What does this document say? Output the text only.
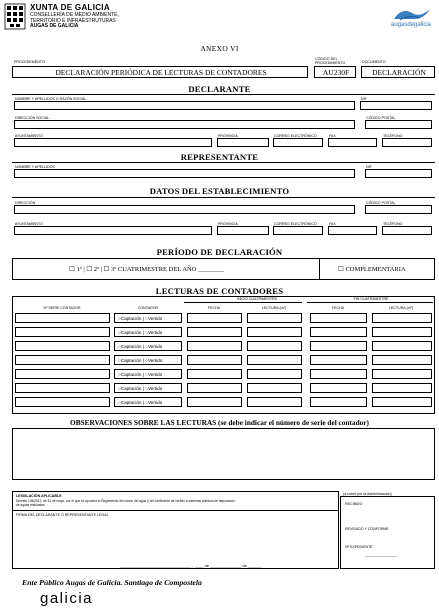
XUNTA DE GALICIA
CONSELLERÍA DE MEDIO AMBIENTE,
TERRITORIO E INFRAESTRUTURAS
AUGAS DE GALICIA	augasdegalicia
ANEXO VI
PROCEDEMENTO
DECLARACIÓN PERIÓDICA DE LECTURAS DE CONTADORES
CÓDIGO DEL
PROCEDIMIENTO
AU230F
DOCUMENTO
DECLARACIÓN
DECLARANTE
NOMBRE Y APELLIDOS O RAZÓN SOCIAL	NIF
DIRECCIÓN SOCIAL	CÓDIGO POSTAL
AYUNTAMIENTO	PROVINCIA	CORREO ELECTRÓNICO	FAX	TELÉFONO
REPRESENTANTE
NOMBRE Y APELLIDOS	NIF
DATOS DEL ESTABLECIMIENTO
DIRECCIÓN	CÓDIGO POSTAL
AYUNTAMIENTO	PROVINCIA	CORREO ELECTRÓNICO	FAX	TELÉFONO
PERÍODO DE DECLARACIÓN
☐ 1º | ☐ 2º | ☐ 3º CUATRIMESTRE DEL AÑO ________	☐ COMPLEMENTARIA
LECTURAS DE CONTADORES
INICIO CUATRIMESTRE	FIN CUATRIMESTRE
Nº SERIE CONTADOR	CONTADOR	FECHA	LECTURA (m³)	FECHA	LECTURA (m³)
○Captación | ○Vertido
○Captación | ○Vertido
○Captación | ○Vertido
○Captación | ○Vertido
○Captación | ○Vertido
○Captación | ○Vertido
○Captación | ○Vertido
OBSERVACIONES SOBRE LAS LECTURAS (se debe indicar el número de serie del contador)
LEXISLACIÓN APLICABLE
Decreto 136/2012, de 31 de mayo, por el que se aprueba el Reglamento del canon del agua y del coeficiente de vertido a sistemas públicos de depuración
de aguas residuales.
FIRMA DEL DECLARANTE O REPRESENTANTE LEGAL
________________________________ , ____ de ______________ de ______
(a cubrir por la Administración)
RECIBIDO
REVISADO Y CONFORME
Nº EXPEDIENTE
________________
Ente Público Augas de Galicia. Santiago de Compostela
galicia
